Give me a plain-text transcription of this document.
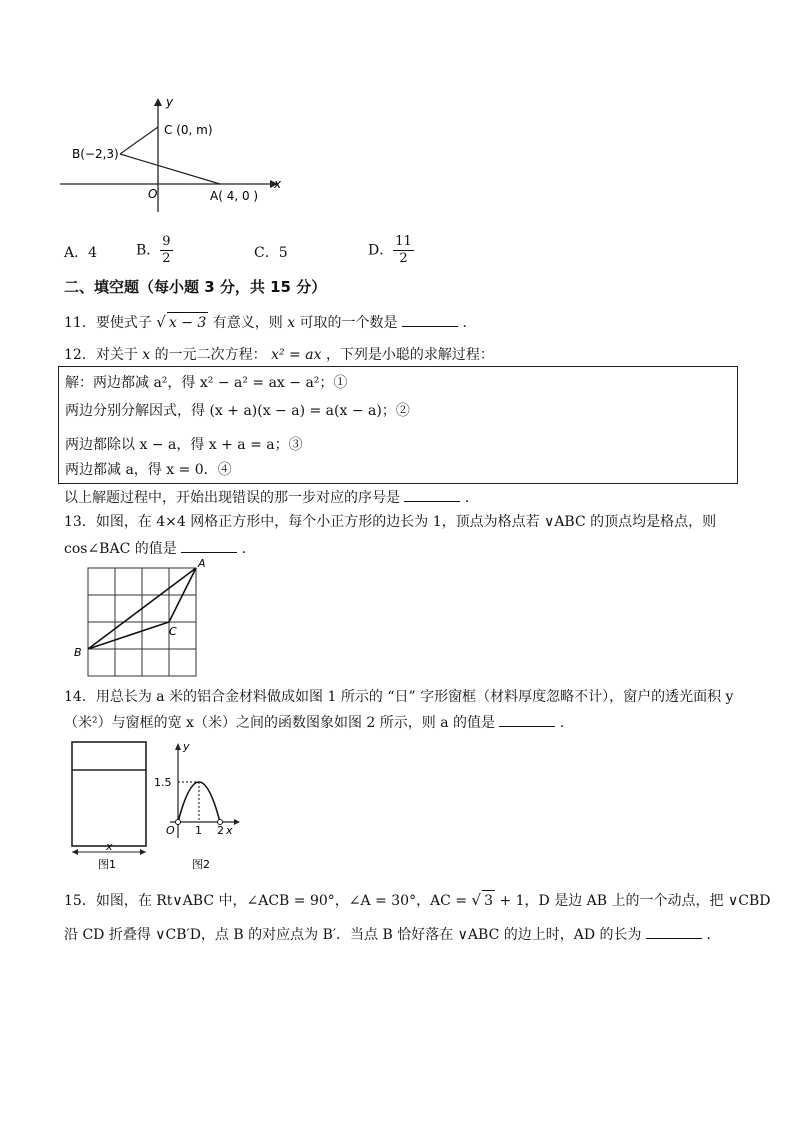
y
x
C (0, m)
B(−2,3)
O	A( 4, 0 )
A．4	B． $\frac{9}{2}$	C．5	D． $\frac{11}{2}$
二、填空题（每小题 3 分，共 15 分）
11．要使式子 √ x − 3 有意义，则 x 可取的一个数是	．
12．对关于 x 的一元二次方程： x² = ax ，下列是小聪的求解过程：
解：两边都减 a²，得 x² − a² = ax − a²；①
两边分别分解因式，得 (x + a)(x − a) = a(x − a)；②
两边都除以 x − a，得 x + a = a；③
两边都减 a，得 x = 0．④
以上解题过程中，开始出现错误的那一步对应的序号是	．
13．如图，在 4×4 网格正方形中，每个小正方形的边长为 1，顶点为格点若 ∨ABC 的顶点均是格点，则
cos∠BAC 的值是	．
A
B
C
14．用总长为 a 米的铝合金材料做成如图 1 所示的 “日” 字形窗框（材料厚度忽略不计），窗户的透光面积 y
（米²）与窗框的宽 x（米）之间的函数图象如图 2 所示，则 a 的值是	．
x
图1
y
1.5
O 1 2 x
图2
15．如图，在 Rt∨ABC 中，∠ACB = 90°，∠A = 30°，AC = √ 3 + 1，D 是边 AB 上的一个动点，把 ∨CBD
沿 CD 折叠得 ∨CB′D，点 B 的对应点为 B′．当点 B 恰好落在 ∨ABC 的边上时，AD 的长为	．
